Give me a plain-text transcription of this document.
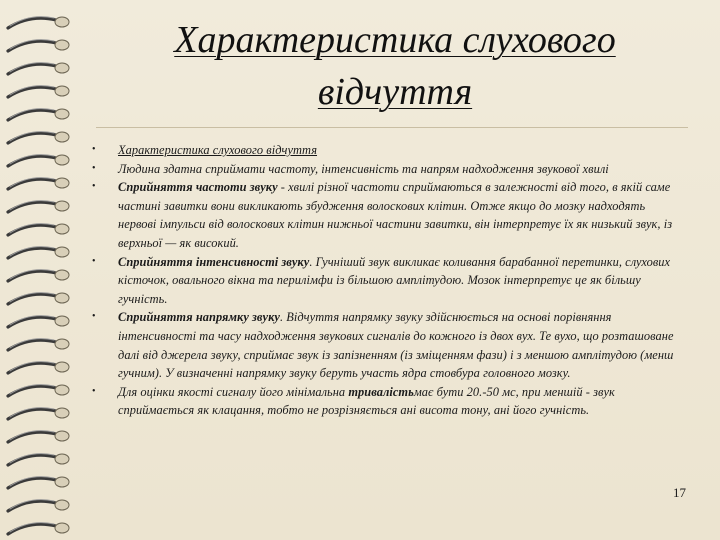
Характеристика слухового
відчуття
• Характеристика слухового відчуття
• Людина здатна сприймати частоту, інтенсивність та напрям надходження звукової хвилі
• Сприйняття частоти звуку - хвилі різної частоти сприймаються в залежності від того, в якій саме частині завитки вони викликають збудження волоскових клітин. Отже якщо до мозку надходять нервові імпульси від волоскових клітин нижньої частини завитки, він інтерпретує їх як низький звук, із верхньої — як високий.
• Сприйняття інтенсивності звуку. Гучніший звук викликає коливання барабанної перетинки, слухових кісточок, овального вікна та перилімфи із більшою амплітудою. Мозок інтерпретує це як більшу гучність.
• Сприйняття напрямку звуку. Відчуття напрямку звуку здійснюється на основі порівняння інтенсивності та часу надходження звукових сигналів до кожного із двох вух. Те вухо, що розташоване далі від джерела звуку, сприймає звук із запізненням (із зміщенням фази) і з меншою амплітудою (менш гучним). У визначенні напрямку звуку беруть участь ядра стовбура головного мозку.
• Для оцінки якості сигналу його мінімальна тривалістьмає бути 20.-50 мс, при меншій - звук сприймається як клацання, тобто не розрізняється ані висота тону, ані його гучність.
17
